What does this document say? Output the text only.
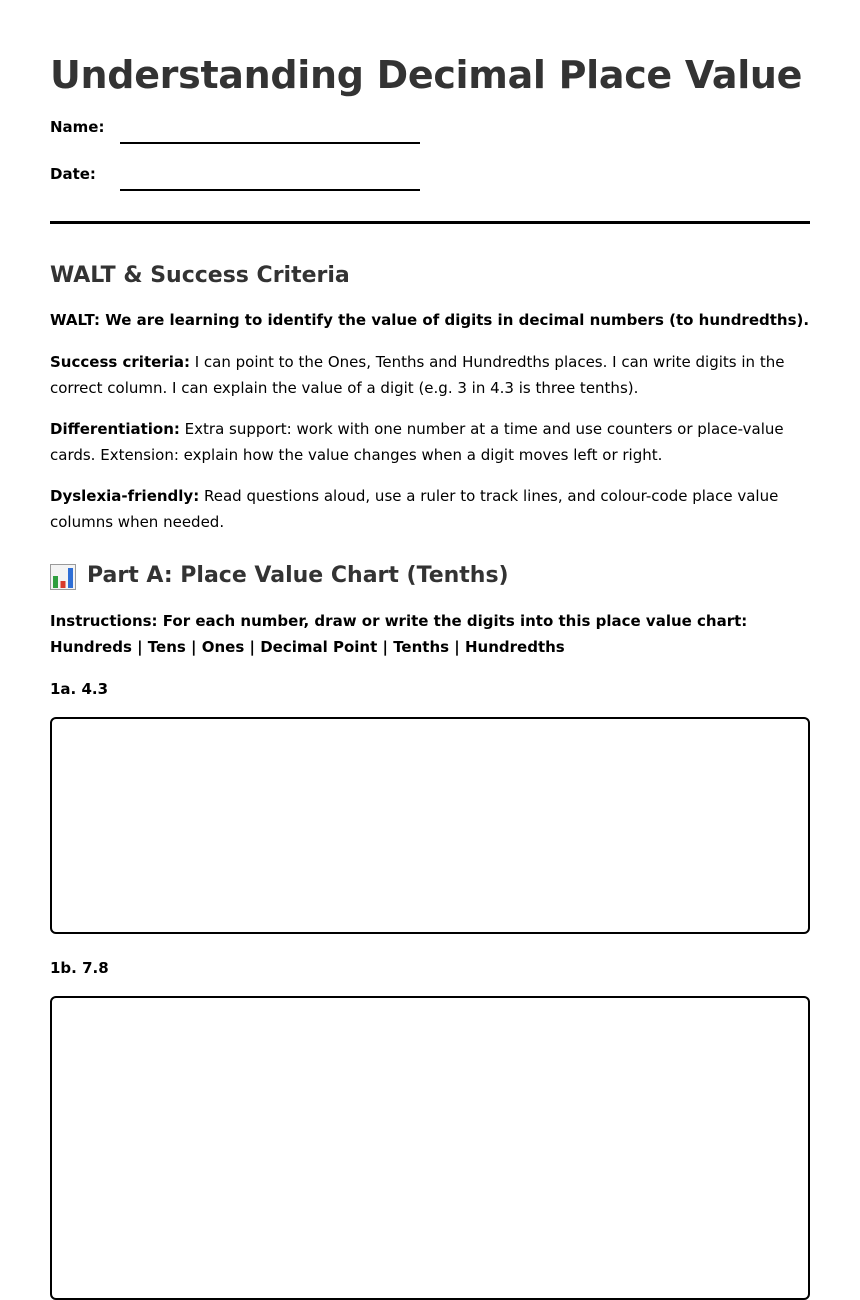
Understanding Decimal Place Value
Name:
Date:
WALT & Success Criteria

WALT: We are learning to identify the value of digits in decimal numbers (to hundredths).

Success criteria: I can point to the Ones, Tenths and Hundredths places. I can write digits in the correct column. I can explain the value of a digit (e.g. 3 in 4.3 is three tenths).

Differentiation: Extra support: work with one number at a time and use counters or place-value cards. Extension: explain how the value changes when a digit moves left or right.

Dyslexia-friendly: Read questions aloud, use a ruler to track lines, and colour-code place value columns when needed.

Part A: Place Value Chart (Tenths)

Instructions: For each number, draw or write the digits into this place value chart: Hundreds | Tens | Ones | Decimal Point | Tenths | Hundredths

1a. 4.3

1b. 7.8
